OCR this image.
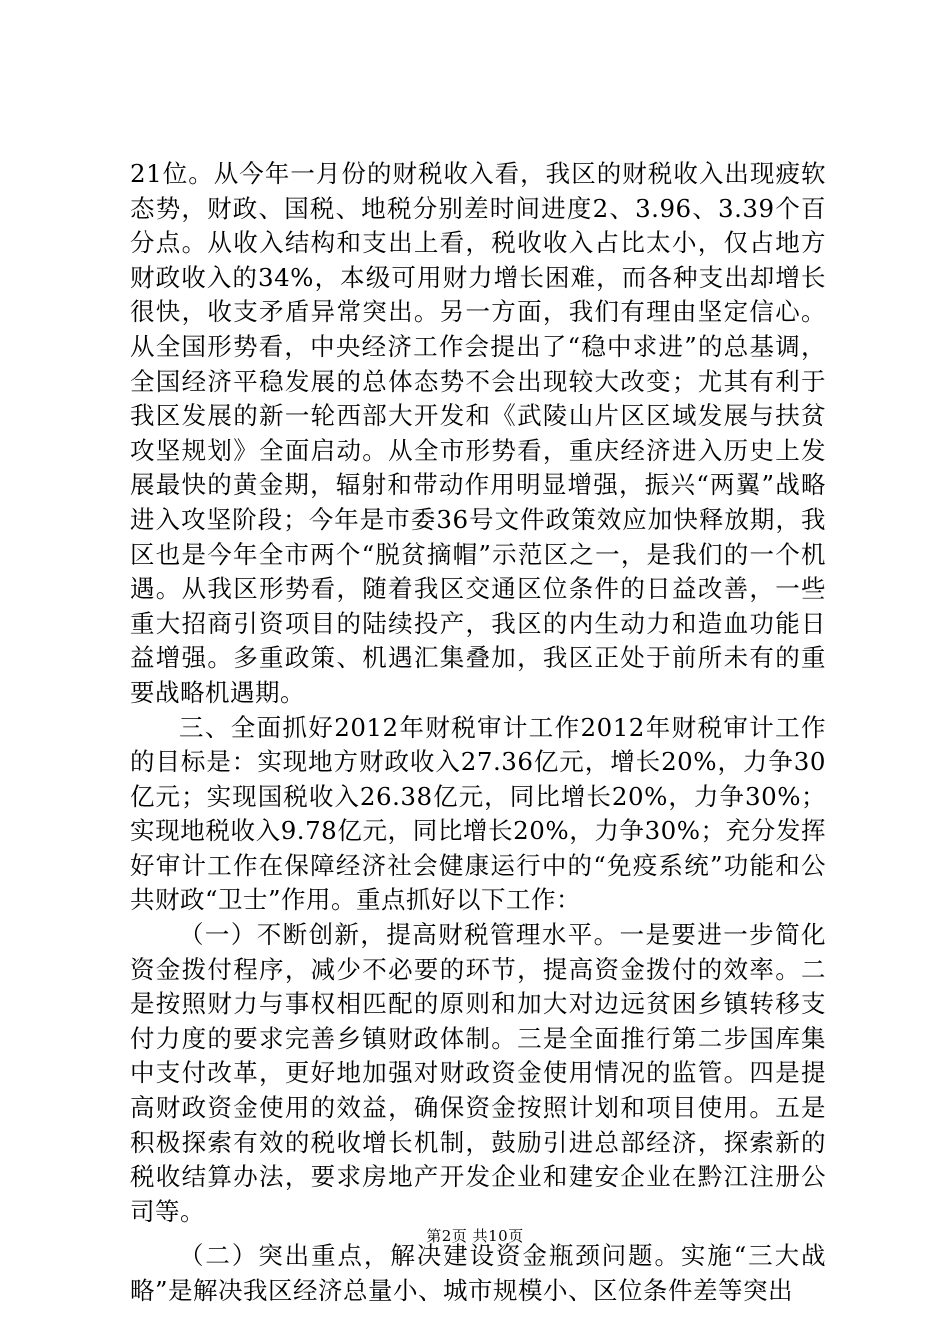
21位。从今年一月份的财税收入看，我区的财税收入出现疲软态势，财政、国税、地税分别差时间进度2、3.96、3.39个百分点。从收入结构和支出上看，税收收入占比太小，仅占地方财政收入的34%，本级可用财力增长困难，而各种支出却增长很快，收支矛盾异常突出。另一方面，我们有理由坚定信心。从全国形势看，中央经济工作会提出了“稳中求进”的总基调，全国经济平稳发展的总体态势不会出现较大改变；尤其有利于我区发展的新一轮西部大开发和《武陵山片区区域发展与扶贫攻坚规划》全面启动。从全市形势看，重庆经济进入历史上发展最快的黄金期，辐射和带动作用明显增强，振兴“两翼”战略进入攻坚阶段；今年是市委36号文件政策效应加快释放期，我区也是今年全市两个“脱贫摘帽”示范区之一，是我们的一个机遇。从我区形势看，随着我区交通区位条件的日益改善，一些重大招商引资项目的陆续投产，我区的内生动力和造血功能日益增强。多重政策、机遇汇集叠加，我区正处于前所未有的重要战略机遇期。

三、全面抓好2012年财税审计工作2012年财税审计工作的目标是：实现地方财政收入27.36亿元，增长20%，力争30亿元；实现国税收入26.38亿元，同比增长20%，力争30%；实现地税收入9.78亿元，同比增长20%，力争30%；充分发挥好审计工作在保障经济社会健康运行中的“免疫系统”功能和公共财政“卫士”作用。重点抓好以下工作：

（一）不断创新，提高财税管理水平。一是要进一步简化资金拨付程序，减少不必要的环节，提高资金拨付的效率。二是按照财力与事权相匹配的原则和加大对边远贫困乡镇转移支付力度的要求完善乡镇财政体制。三是全面推行第二步国库集中支付改革，更好地加强对财政资金使用情况的监管。四是提高财政资金使用的效益，确保资金按照计划和项目使用。五是积极探索有效的税收增长机制，鼓励引进总部经济，探索新的税收结算办法，要求房地产开发企业和建安企业在黔江注册公司等。

（二）突出重点，解决建设资金瓶颈问题。实施“三大战略”是解决我区经济总量小、城市规模小、区位条件差等突出

第2页 共10页
